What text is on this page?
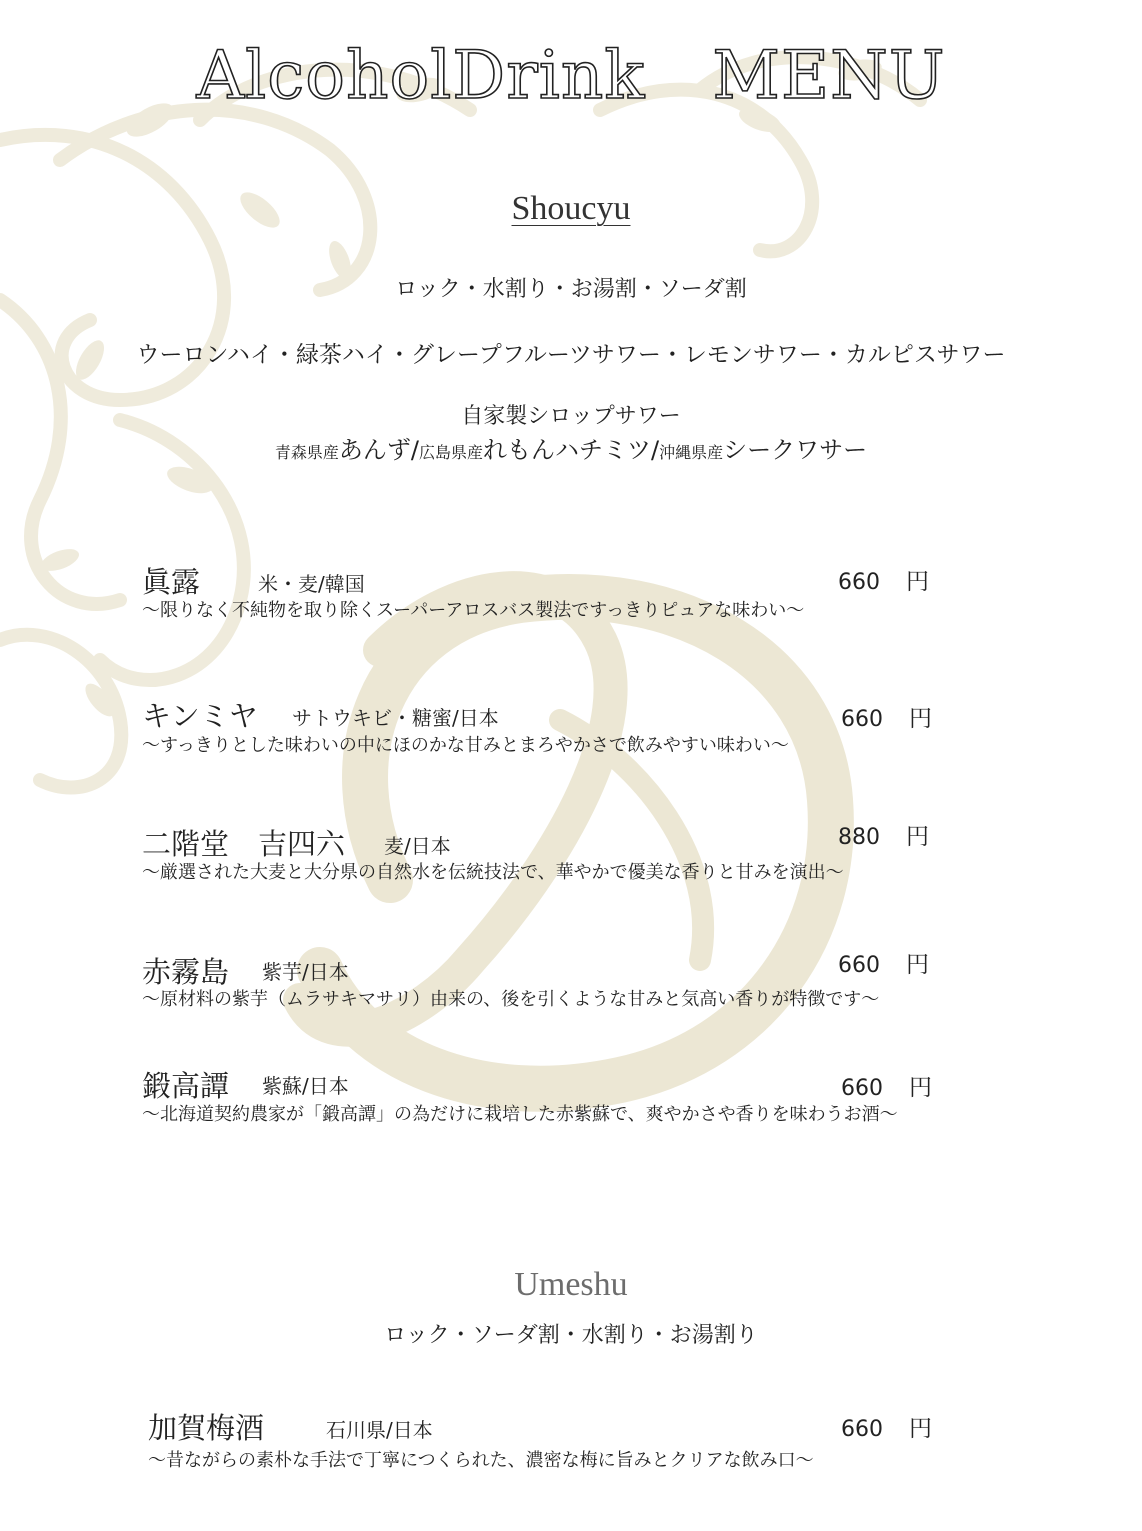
AlcoholDrink　MENU
Shoucyu
ロック・水割り・お湯割・ソーダ割
ウーロンハイ・緑茶ハイ・グレープフルーツサワー・レモンサワー・カルピスサワー
自家製シロップサワー
青森県産あんず/広島県産れもんハチミツ/沖縄県産シークワサー
眞露	米・麦/韓国	660 円
～限りなく不純物を取り除くスーパーアロスバス製法ですっきりピュアな味わい～
キンミヤ サトウキビ・糖蜜/日本	660 円
～すっきりとした味わいの中にほのかな甘みとまろやかさで飲みやすい味わい～
二階堂　吉四六 麦/日本	880 円
～厳選された大麦と大分県の自然水を伝統技法で、華やかで優美な香りと甘みを演出～
赤霧島 紫芋/日本	660 円
～原材料の紫芋（ムラサキマサリ）由来の、後を引くような甘みと気高い香りが特徴です～
鍛高譚 紫蘇/日本	660 円
～北海道契約農家が「鍛高譚」の為だけに栽培した赤紫蘇で、爽やかさや香りを味わうお酒～
Umeshu
ロック・ソーダ割・水割り・お湯割り
加賀梅酒	石川県/日本	660 円
～昔ながらの素朴な手法で丁寧につくられた、濃密な梅に旨みとクリアな飲み口～
